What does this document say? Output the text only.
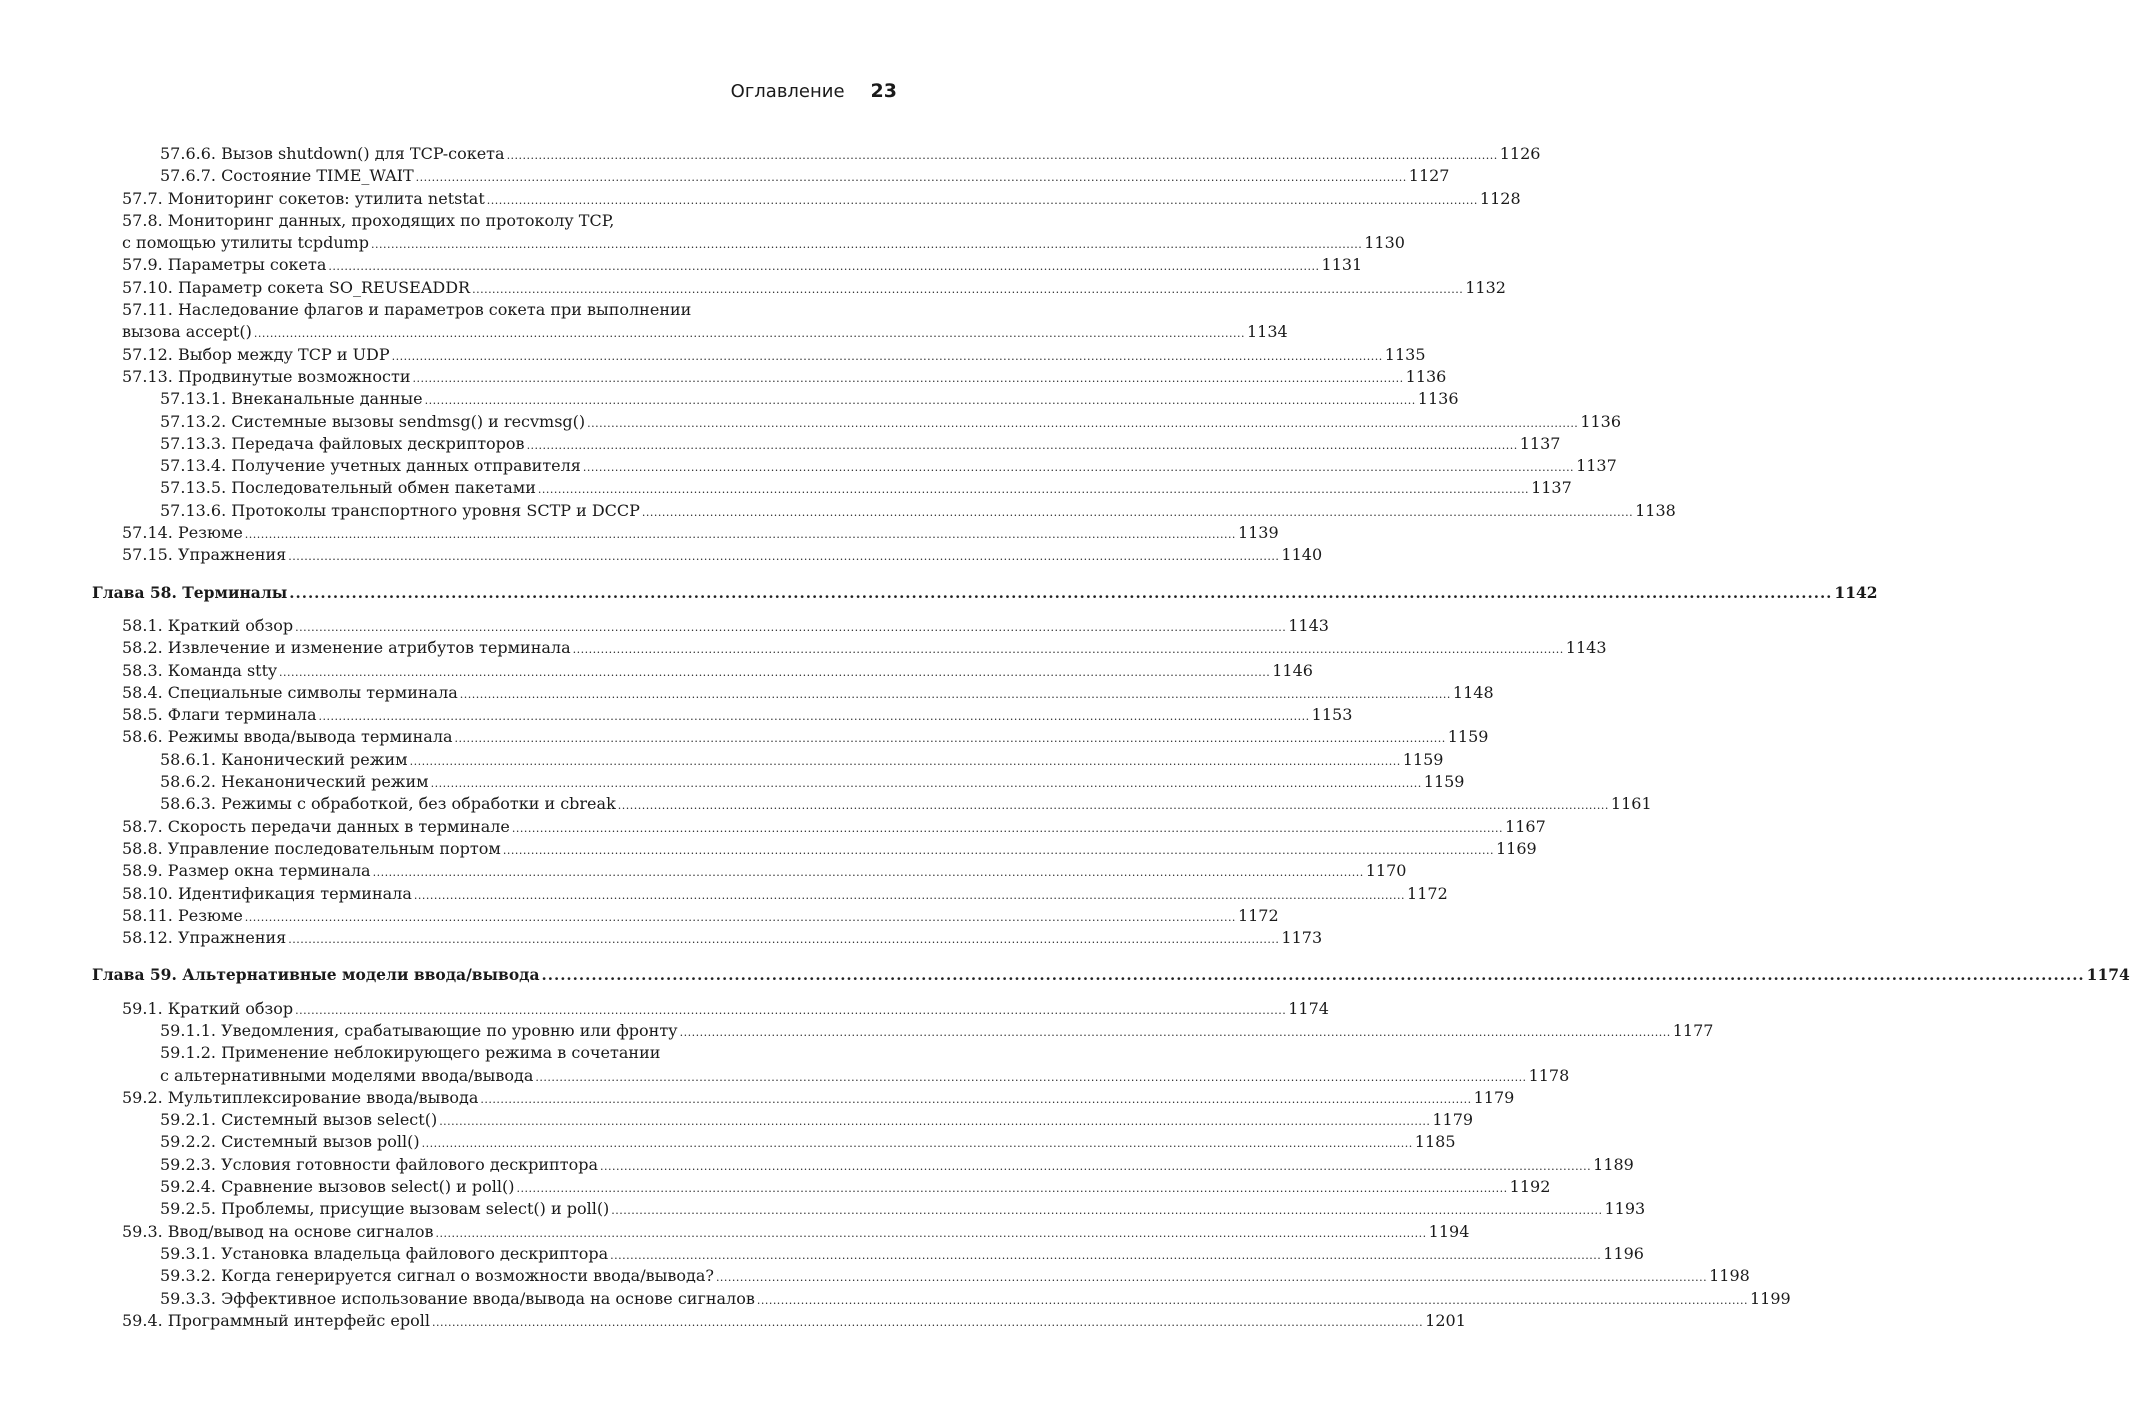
Оглавление 23
57.6.6. Вызов shutdown() для TCP-сокета .....	1126
57.6.7. Состояние TIME_WAIT .....	1127
57.7. Мониторинг сокетов: утилита netstat .....	1128
57.8. Мониторинг данных, проходящих по протоколу TCP,
с помощью утилиты tcpdump .....	1130
57.9. Параметры сокета .....	1131
57.10. Параметр сокета SO_REUSEADDR .....	1132
57.11. Наследование флагов и параметров сокета при выполнении
вызова accept() .....	1134
57.12. Выбор между TCP и UDP .....	1135
57.13. Продвинутые возможности .....	1136
57.13.1. Внеканальные данные .....	1136
57.13.2. Системные вызовы sendmsg() и recvmsg() .....	1136
57.13.3. Передача файловых дескрипторов .....	1137
57.13.4. Получение учетных данных отправителя .....	1137
57.13.5. Последовательный обмен пакетами .....	1137
57.13.6. Протоколы транспортного уровня SCTP и DCCP .....	1138
57.14. Резюме .....	1139
57.15. Упражнения .....	1140
Глава 58. Терминалы .....	1142
58.1. Краткий обзор .....	1143
58.2. Извлечение и изменение атрибутов терминала .....	1143
58.3. Команда stty .....	1146
58.4. Специальные символы терминала .....	1148
58.5. Флаги терминала .....	1153
58.6. Режимы ввода/вывода терминала .....	1159
58.6.1. Канонический режим .....	1159
58.6.2. Неканонический режим .....	1159
58.6.3. Режимы с обработкой, без обработки и cbreak .....	1161
58.7. Скорость передачи данных в терминале .....	1167
58.8. Управление последовательным портом .....	1169
58.9. Размер окна терминала .....	1170
58.10. Идентификация терминала .....	1172
58.11. Резюме .....	1172
58.12. Упражнения .....	1173
Глава 59. Альтернативные модели ввода/вывода .....	1174
59.1. Краткий обзор .....	1174
59.1.1. Уведомления, срабатывающие по уровню или фронту .....	1177
59.1.2. Применение неблокирующего режима в сочетании
с альтернативными моделями ввода/вывода .....	1178
59.2. Мультиплексирование ввода/вывода .....	1179
59.2.1. Системный вызов select() .....	1179
59.2.2. Системный вызов poll() .....	1185
59.2.3. Условия готовности файлового дескриптора .....	1189
59.2.4. Сравнение вызовов select() и poll() .....	1192
59.2.5. Проблемы, присущие вызовам select() и poll() .....	1193
59.3. Ввод/вывод на основе сигналов .....	1194
59.3.1. Установка владельца файлового дескриптора .....	1196
59.3.2. Когда генерируется сигнал о возможности ввода/вывода? .....	1198
59.3.3. Эффективное использование ввода/вывода на основе сигналов .....	1199
59.4. Программный интерфейс epoll .....	1201
